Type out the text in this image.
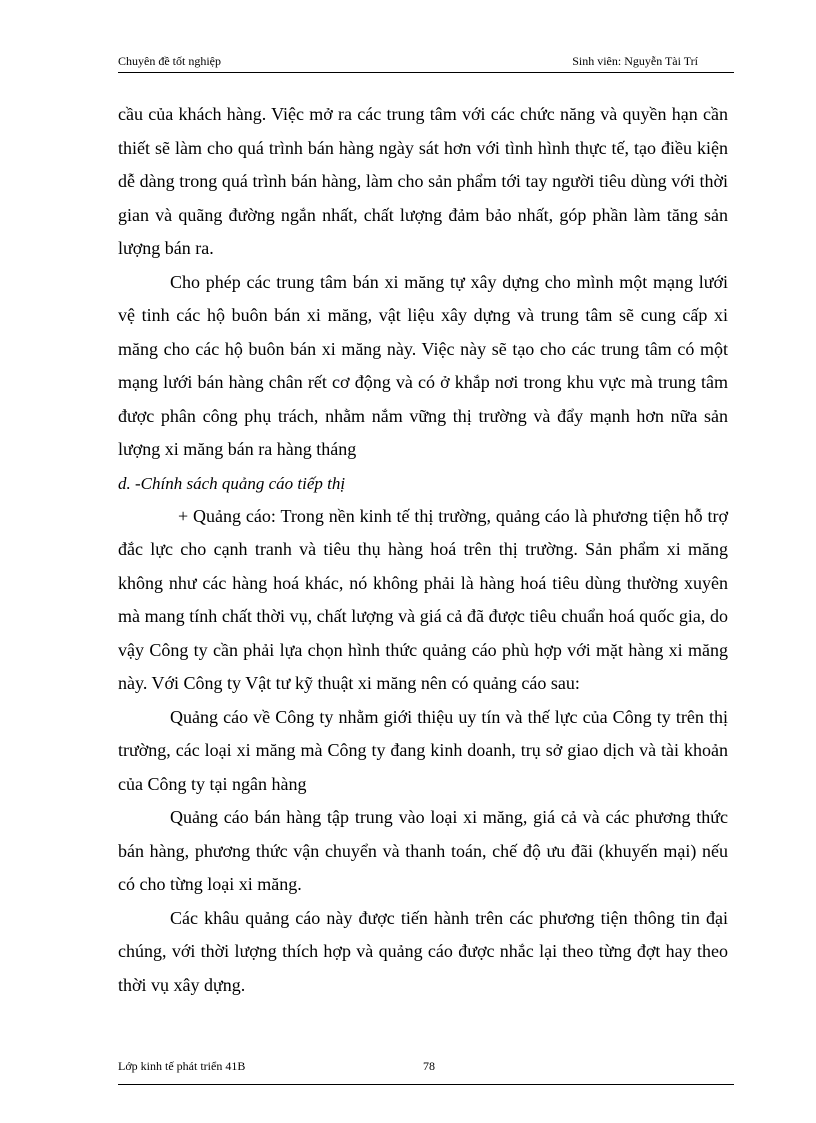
Chuyên đề tốt nghiệp	Sinh viên: Nguyễn Tài Trí

cầu của khách hàng. Việc mở ra các trung tâm với các chức năng và quyền hạn cần thiết sẽ làm cho quá trình bán hàng ngày sát hơn với tình hình thực tế, tạo điều kiện dễ dàng trong quá trình bán hàng, làm cho sản phẩm tới tay người tiêu dùng với thời gian và quãng đường ngắn nhất, chất lượng đảm bảo nhất, góp phần làm tăng sản lượng bán ra.

Cho phép các trung tâm bán xi măng tự xây dựng cho mình một mạng lưới vệ tinh các hộ buôn bán xi măng, vật liệu xây dựng và trung tâm sẽ cung cấp xi măng cho các hộ buôn bán xi măng này. Việc này sẽ tạo cho các trung tâm có một mạng lưới bán hàng chân rết cơ động và có ở khắp nơi trong khu vực mà trung tâm được phân công phụ trách, nhằm nắm vững thị trường và đẩy mạnh hơn nữa sản lượng xi măng bán ra hàng tháng

d. -Chính sách quảng cáo tiếp thị

+ Quảng cáo: Trong nền kinh tế thị trường, quảng cáo là phương tiện hỗ trợ đắc lực cho cạnh tranh và tiêu thụ hàng hoá trên thị trường. Sản phẩm xi măng không như các hàng hoá khác, nó không phải là hàng hoá tiêu dùng thường xuyên mà mang tính chất thời vụ, chất lượng và giá cả đã được tiêu chuẩn hoá quốc gia, do vậy Công ty cần phải lựa chọn hình thức quảng cáo phù hợp với mặt hàng xi măng này. Với Công ty Vật tư kỹ thuật xi măng nên có quảng cáo sau:

Quảng cáo về Công ty nhằm giới thiệu uy tín và thế lực của Công ty trên thị trường, các loại xi măng mà Công ty đang kinh doanh, trụ sở giao dịch và tài khoản của Công ty tại ngân hàng

Quảng cáo bán hàng tập trung vào loại xi măng, giá cả và các phương thức bán hàng, phương thức vận chuyển và thanh toán, chế độ ưu đãi (khuyến mại) nếu có cho từng loại xi măng.

Các khâu quảng cáo này được tiến hành trên các phương tiện thông tin đại chúng, với thời lượng thích hợp và quảng cáo được nhắc lại theo từng đợt hay theo thời vụ xây dựng.

Lớp kinh tế phát triển 41B	78
